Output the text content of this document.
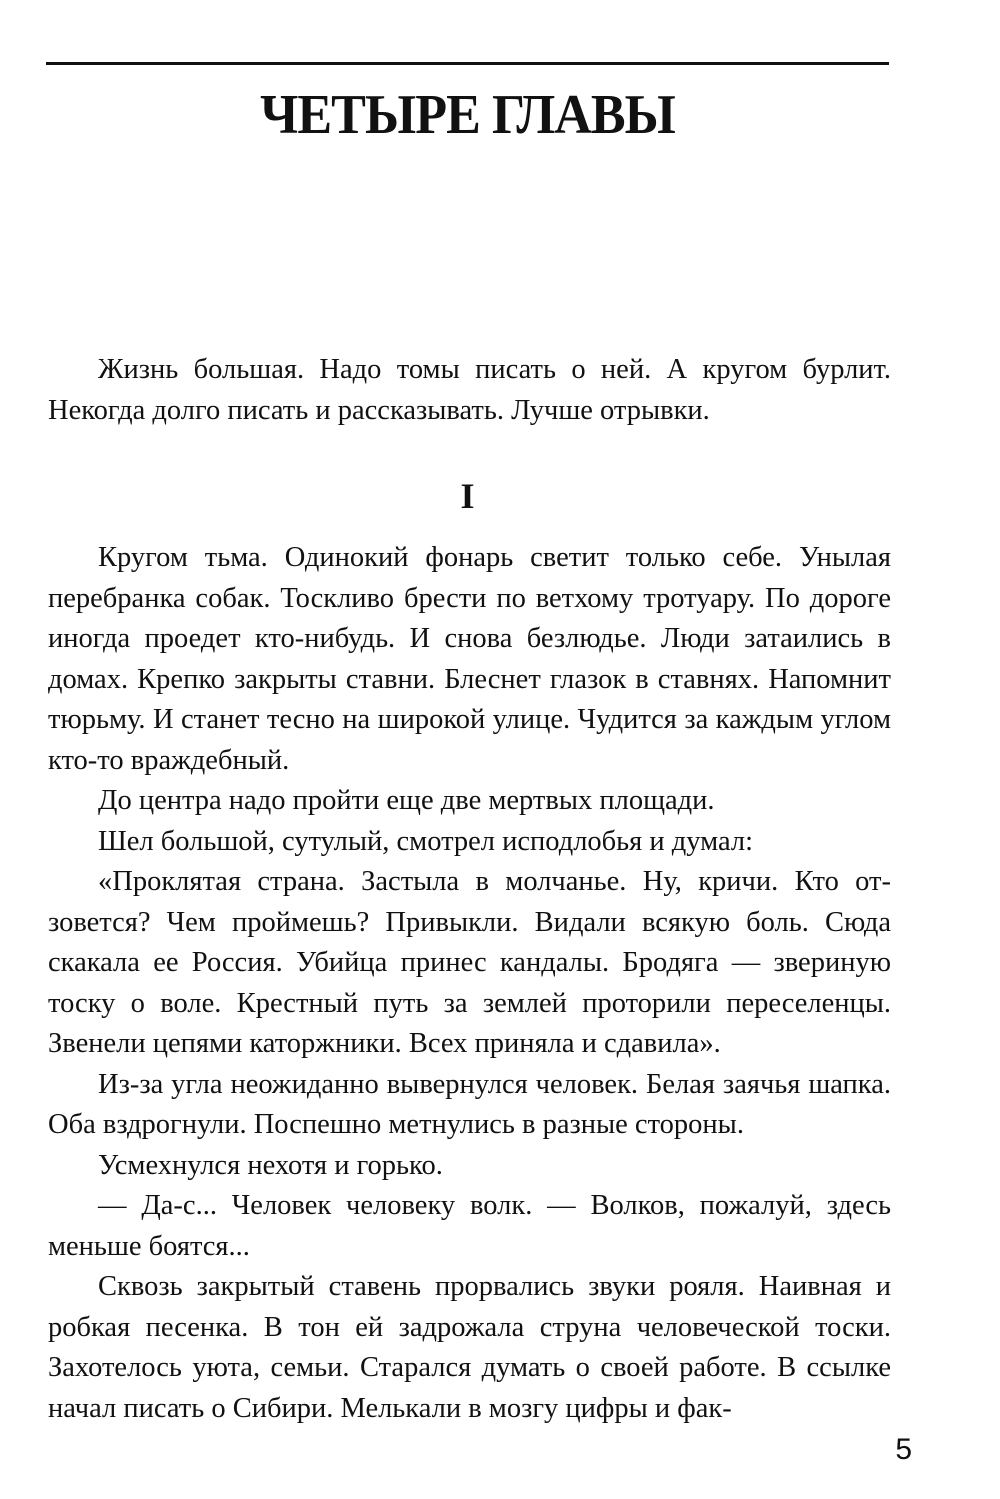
ЧЕТЫРЕ ГЛАВЫ

Жизнь большая. Надо томы писать о ней. А кругом бурлит. Некогда долго писать и рассказывать. Лучше отрывки.

I

Кругом тьма. Одинокий фонарь светит только себе. Унылая перебранка собак. Тоскливо брести по ветхому тротуару. По дороге иногда проедет кто-нибудь. И снова безлюдье. Люди затаились в домах. Крепко закрыты ставни. Блеснет глазок в ставнях. Напомнит тюрьму. И станет тесно на широкой улице. Чудится за каждым углом кто-то враждебный.

До центра надо пройти еще две мертвых площади.

Шел большой, сутулый, смотрел исподлобья и думал:

«Проклятая страна. Застыла в молчанье. Ну, кричи. Кто отзовется? Чем проймешь? Привыкли. Видали всякую боль. Сюда скакала ее Россия. Убийца принес кандалы. Бродяга — звериную тоску о воле. Крестный путь за землей проторили переселенцы. Звенели цепями каторжники. Всех приняла и сдавила».

Из-за угла неожиданно вывернулся человек. Белая заячья шапка. Оба вздрогнули. Поспешно метнулись в разные стороны.

Усмехнулся нехотя и горько.

— Да-с... Человек человеку волк. — Волков, пожалуй, здесь меньше боятся...

Сквозь закрытый ставень прорвались звуки рояля. Наивная и робкая песенка. В тон ей задрожала струна человеческой тоски. Захотелось уюта, семьи. Старался думать о своей работе. В ссылке начал писать о Сибири. Мелькали в мозгу цифры и фак-

5
